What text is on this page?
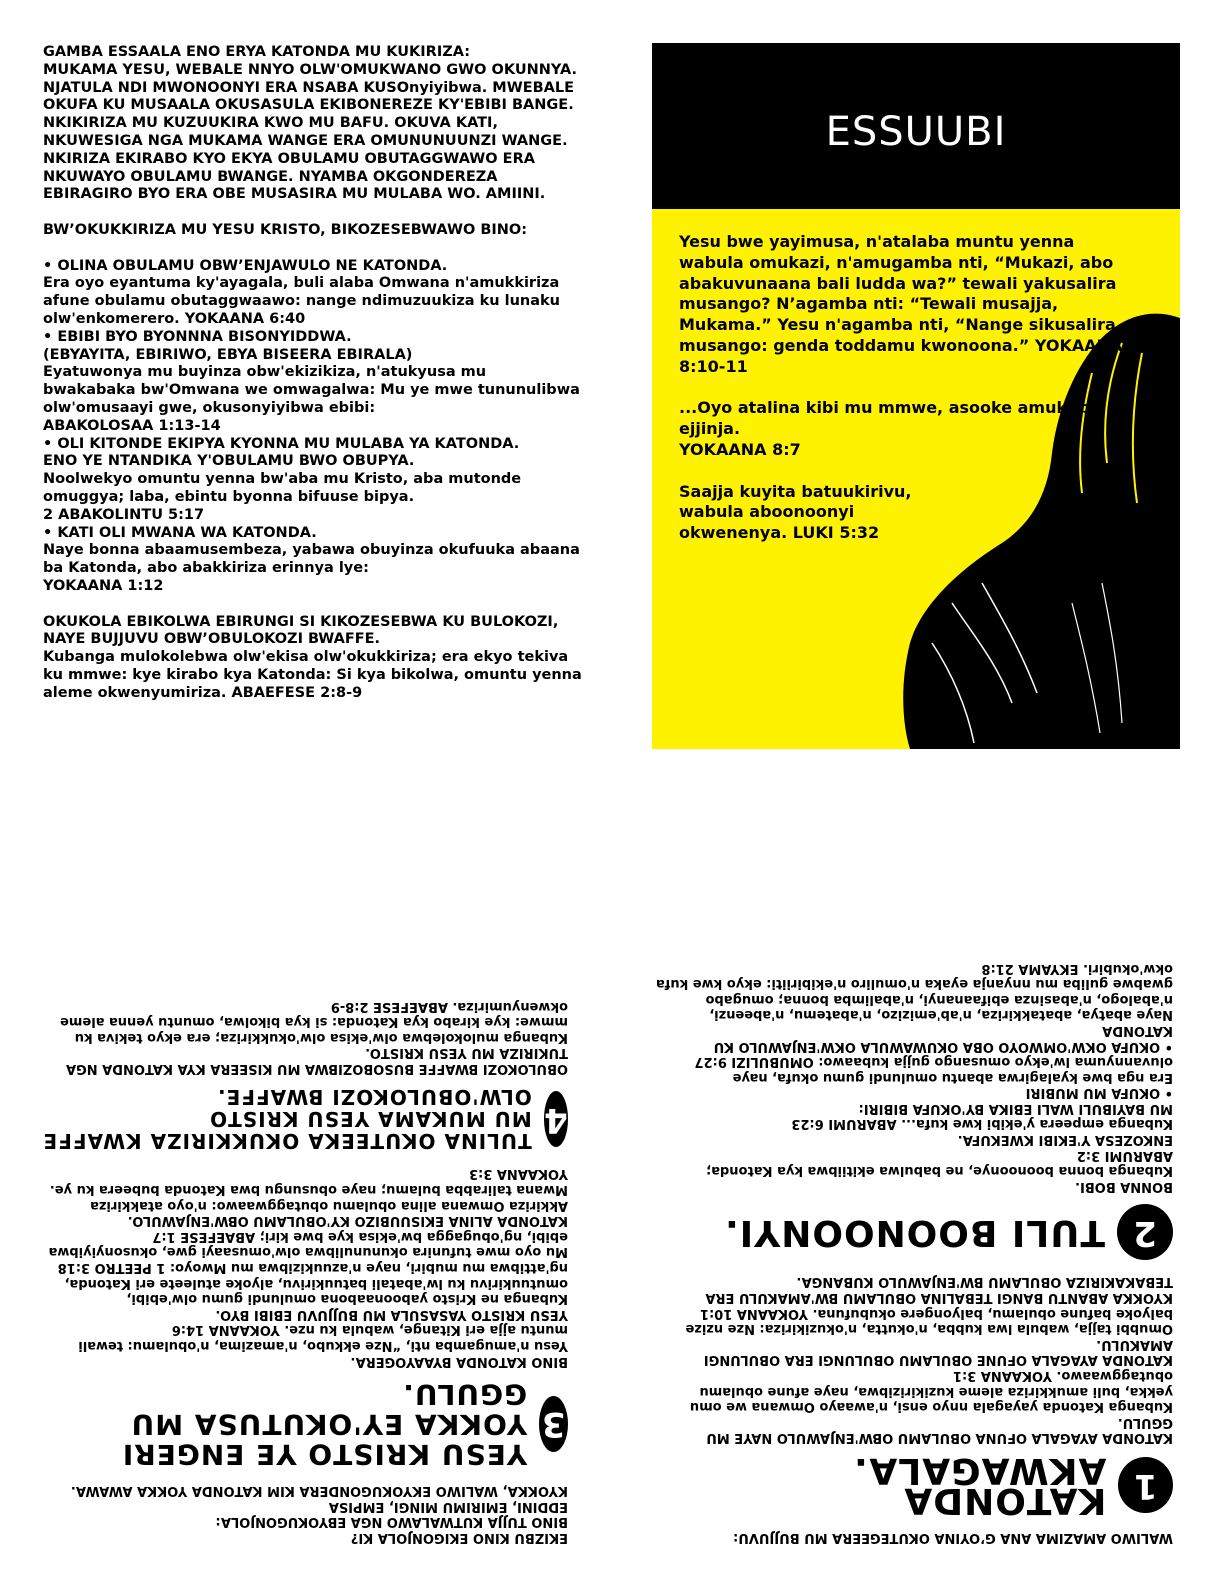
GAMBA ESSAALA ENO ERYA KATONDA MU KUKIRIZA:
MUKAMA YESU, WEBALE NNYO OLW'OMUKWANO GWO OKUNNYA. NJATULA NDI MWONOONYI ERA NSABA KUSOnyiyibwa. MWEBALE OKUFA KU MUSAALA OKUSASULA EKIBONEREZE KY'EBIBI BANGE. NKIKIRIZA MU KUZUUKIRA KWO MU BAFU. OKUVA KATI, NKUWESIGA NGA MUKAMA WANGE ERA OMUNUNUUNZI WANGE. NKIRIZA EKIRABO KYO EKYA OBULAMU OBUTAGGWAWO ERA NKUWAYO OBULAMU BWANGE. NYAMBA OKGONDEREZA EBIRAGIRO BYO ERA OBE MUSASIRA MU MULABA WO. AMIINI.

BW’OKUKKIRIZA MU YESU KRISTO, BIKOZESEBWAWO BINO:

• OLINA OBULAMU OBW’ENJAWULO NE KATONDA.
Era oyo eyantuma ky'ayagala, buli alaba Omwana n'amukkiriza afune obulamu obutaggwaawo: nange ndimuzuukiza ku lunaku olw'enkomerero. YOKAANA 6:40
• EBIBI BYO BYONNNA BISONYIDDWA.
(EBYAYITA, EBIRIWO, EBYA BISEERA EBIRALA)
Eyatuwonya mu buyinza obw'ekizikiza, n'atukyusa mu bwakabaka bw'Omwana we omwagalwa: Mu ye mwe tununulibwa olw'omusaayi gwe, okusonyiyibwa ebibi:
ABAKOLOSAA 1:13-14
• OLI KITONDE EKIPYA KYONNA MU MULABA YA KATONDA.
ENO YE NTANDIKA Y'OBULAMU BWO OBUPYA.
Noolwekyo omuntu yenna bw'aba mu Kristo, aba mutonde omuggya; laba, ebintu byonna bifuuse bipya.
2 ABAKOLINTU 5:17
• KATI OLI MWANA WA KATONDA.
Naye bonna abaamusembeza, yabawa obuyinza okufuuka abaana ba Katonda, abo abakkiriza erinnya lye:
YOKAANA 1:12

OKUKOLA EBIKOLWA EBIRUNGI SI KIKOZESEBWA KU BULOKOZI, NAYE BUJJUVU OBW’OBULOKOZI BWAFFE.
Kubanga mulokolebwa olw'ekisa olw'okukkiriza; era ekyo tekiva ku mmwe: kye kirabo kya Katonda: Si kya bikolwa, omuntu yenna aleme okwenyumiriza. ABAEFESE 2:8-9

ESSUUBI

Yesu bwe yayimusa, n'atalaba muntu yenna wabula omukazi, n'amugamba nti, “Mukazi, abo abakuvunaana bali ludda wa?” tewali yakusalira musango? N’agamba nti: “Tewali musajja, Mukama.” Yesu n'agamba nti, “Nange sikusalira musango: genda toddamu kwonoona.” YOKAANA 8:10-11

...Oyo atalina kibi mu mmwe, asooke amukuba ejjinja.
YOKAANA 8:7

Saajja kuyita batuukirivu, wabula aboonoonyi okwenenya. LUKI 5:32

WALIWO AMAZIMA ANA G’OYINA OKUTEGEERA MU BUJJUVU:

1
KATONDA AKWAGALA.

KATONDA AYAGALA OFUNA OBULAMU OBW'ENJAWULO NAYE MU GGULU.
Kubanga Katonda yayagala nnyo ensi, n'awaayo Omwana we omu yekka, buli amukkiriza aleme kuzikirizibwa, naye afune obulamu obutaggwaawo. YOKAANA 3:1
KATONDA AYAGALA OFUNE OBULAMU OBULUNGI ERA OBULUNGI AMAKULU.
Omubbi tajja, wabula lwa kubba, n'okutta, n'okuzikiriza: Nze nzize balyoke bafune obulamu, balyongere okubufuna. YOKAANA 10:1
KYOKKA ABANTU BANGI TEBALINA OBULAMU BW'AMAKULU ERA TEBAKAKIRIZA OBULAMU BW'ENJAWULO KUBANGA.

2
TULI BOONOONYI.

BONNA BOBI.
Kubanga bonna boonoonye, ne babulwa ekitiibwa kya Katonda; ABARUMI 3:2
ENKOZESA Y'EKIBI KWEKUFA.
Kubanga empeera y'ekibi kwe kufa... ABARUMI 6:23
MU BAYIBULI WALI EBIKA BY'OKUFA BIBIRI:
• OKUFA MU MUBIRI
Era nga bwe kyalagirwa abantu omulundi gumu okufa, naye oluvannyuma lw'ekyo omusango gujja kubaawo: OMUBULIZI 9:27
• OKUFA OKW'OMWOYO OBA OKUWAWULA OKW'ENJAWULO KU KATONDA
Naye abatya, abatakkiriza, n'ab'emizizo, n'abatemu, n'abeenzi, n'abalogo, n'abasinza ebifaananyi, n'abalimba bonna; omugabo gwabwe guliba mu nnyanja eyaka n'omuliro n'ekibiriiti: ekyo kwe kufa okw'okubiri. EKYAMA 21:8

EKIZBU KINO EKIGONJOLA KI?
BINO TUJJA KUTWALAWO NGA EBYOKUGONJOLA:
EDDINI, EMIRIMU MINGI, EMPISA
KYOKKA, WALIWO EKYOKUGONDERA KIM KATONDA YOKKA AWAWA.

3
YESU KRISTO YE ENGERI YOKKA EY'OKUTUSA MU GGULU.

BINO KATONDA BYAAYOGERA.
Yesu n'amugamba nti, “Nze ekkubo, n'amazima, n'obulamu: tewali muntu ajja eri Kitange, wabula ku nze. YOKAANA 14:6
YESU KRISTO YASASULA MU BUJJUVU EBIBI BYO.
Kubanga ne Kristo yaboonaabona omulundi gumu olw'ebibi, omutuukirivu ku lw'abatali batuukirivu, alyoke atuleete eri Katonda, ng'attibwa mu mubiri, naye n'azuukizibwa mu Mwoyo: 1 PEETRO 3:18
Mu oyo mwe tufunira okununulibwa olw'omusaayi gwe, okusonyiyibwa ebibi, ng'obugagga bw'ekisa kye bwe kiri; ABAEFESE 1:7
KATONDA ALINA EKISUUBIZO KY'OBULAMU OBW'ENJAWULO.
Akkiriza Omwana alina obulamu obutaggwaawo: n'oyo atakkiriza Mwana talirabba bulamu; naye obusungu bwa Katonda bubeera ku ye. YOKAANA 3:3

4
TULINA OKUTEEKA OKUKKIRIZA KWAFFE MU MUKAMA YESU KRISTO OLW'OBULOKOZI BWAFFE.

OBULOKOZI BWAFFE BUSOBOZIBWA MU KISEERA KYA KATONDA NGA TUKIRIZA MU YESU KRISTO.
Kubanga mulokolebwa olw'ekisa olw'okukkiriza; era ekyo tekiva ku mmwe: kye kirabo kya Katonda: si kya bikolwa, omuntu yenna aleme okwenyumiriza. ABAEFESE 2:8-9
